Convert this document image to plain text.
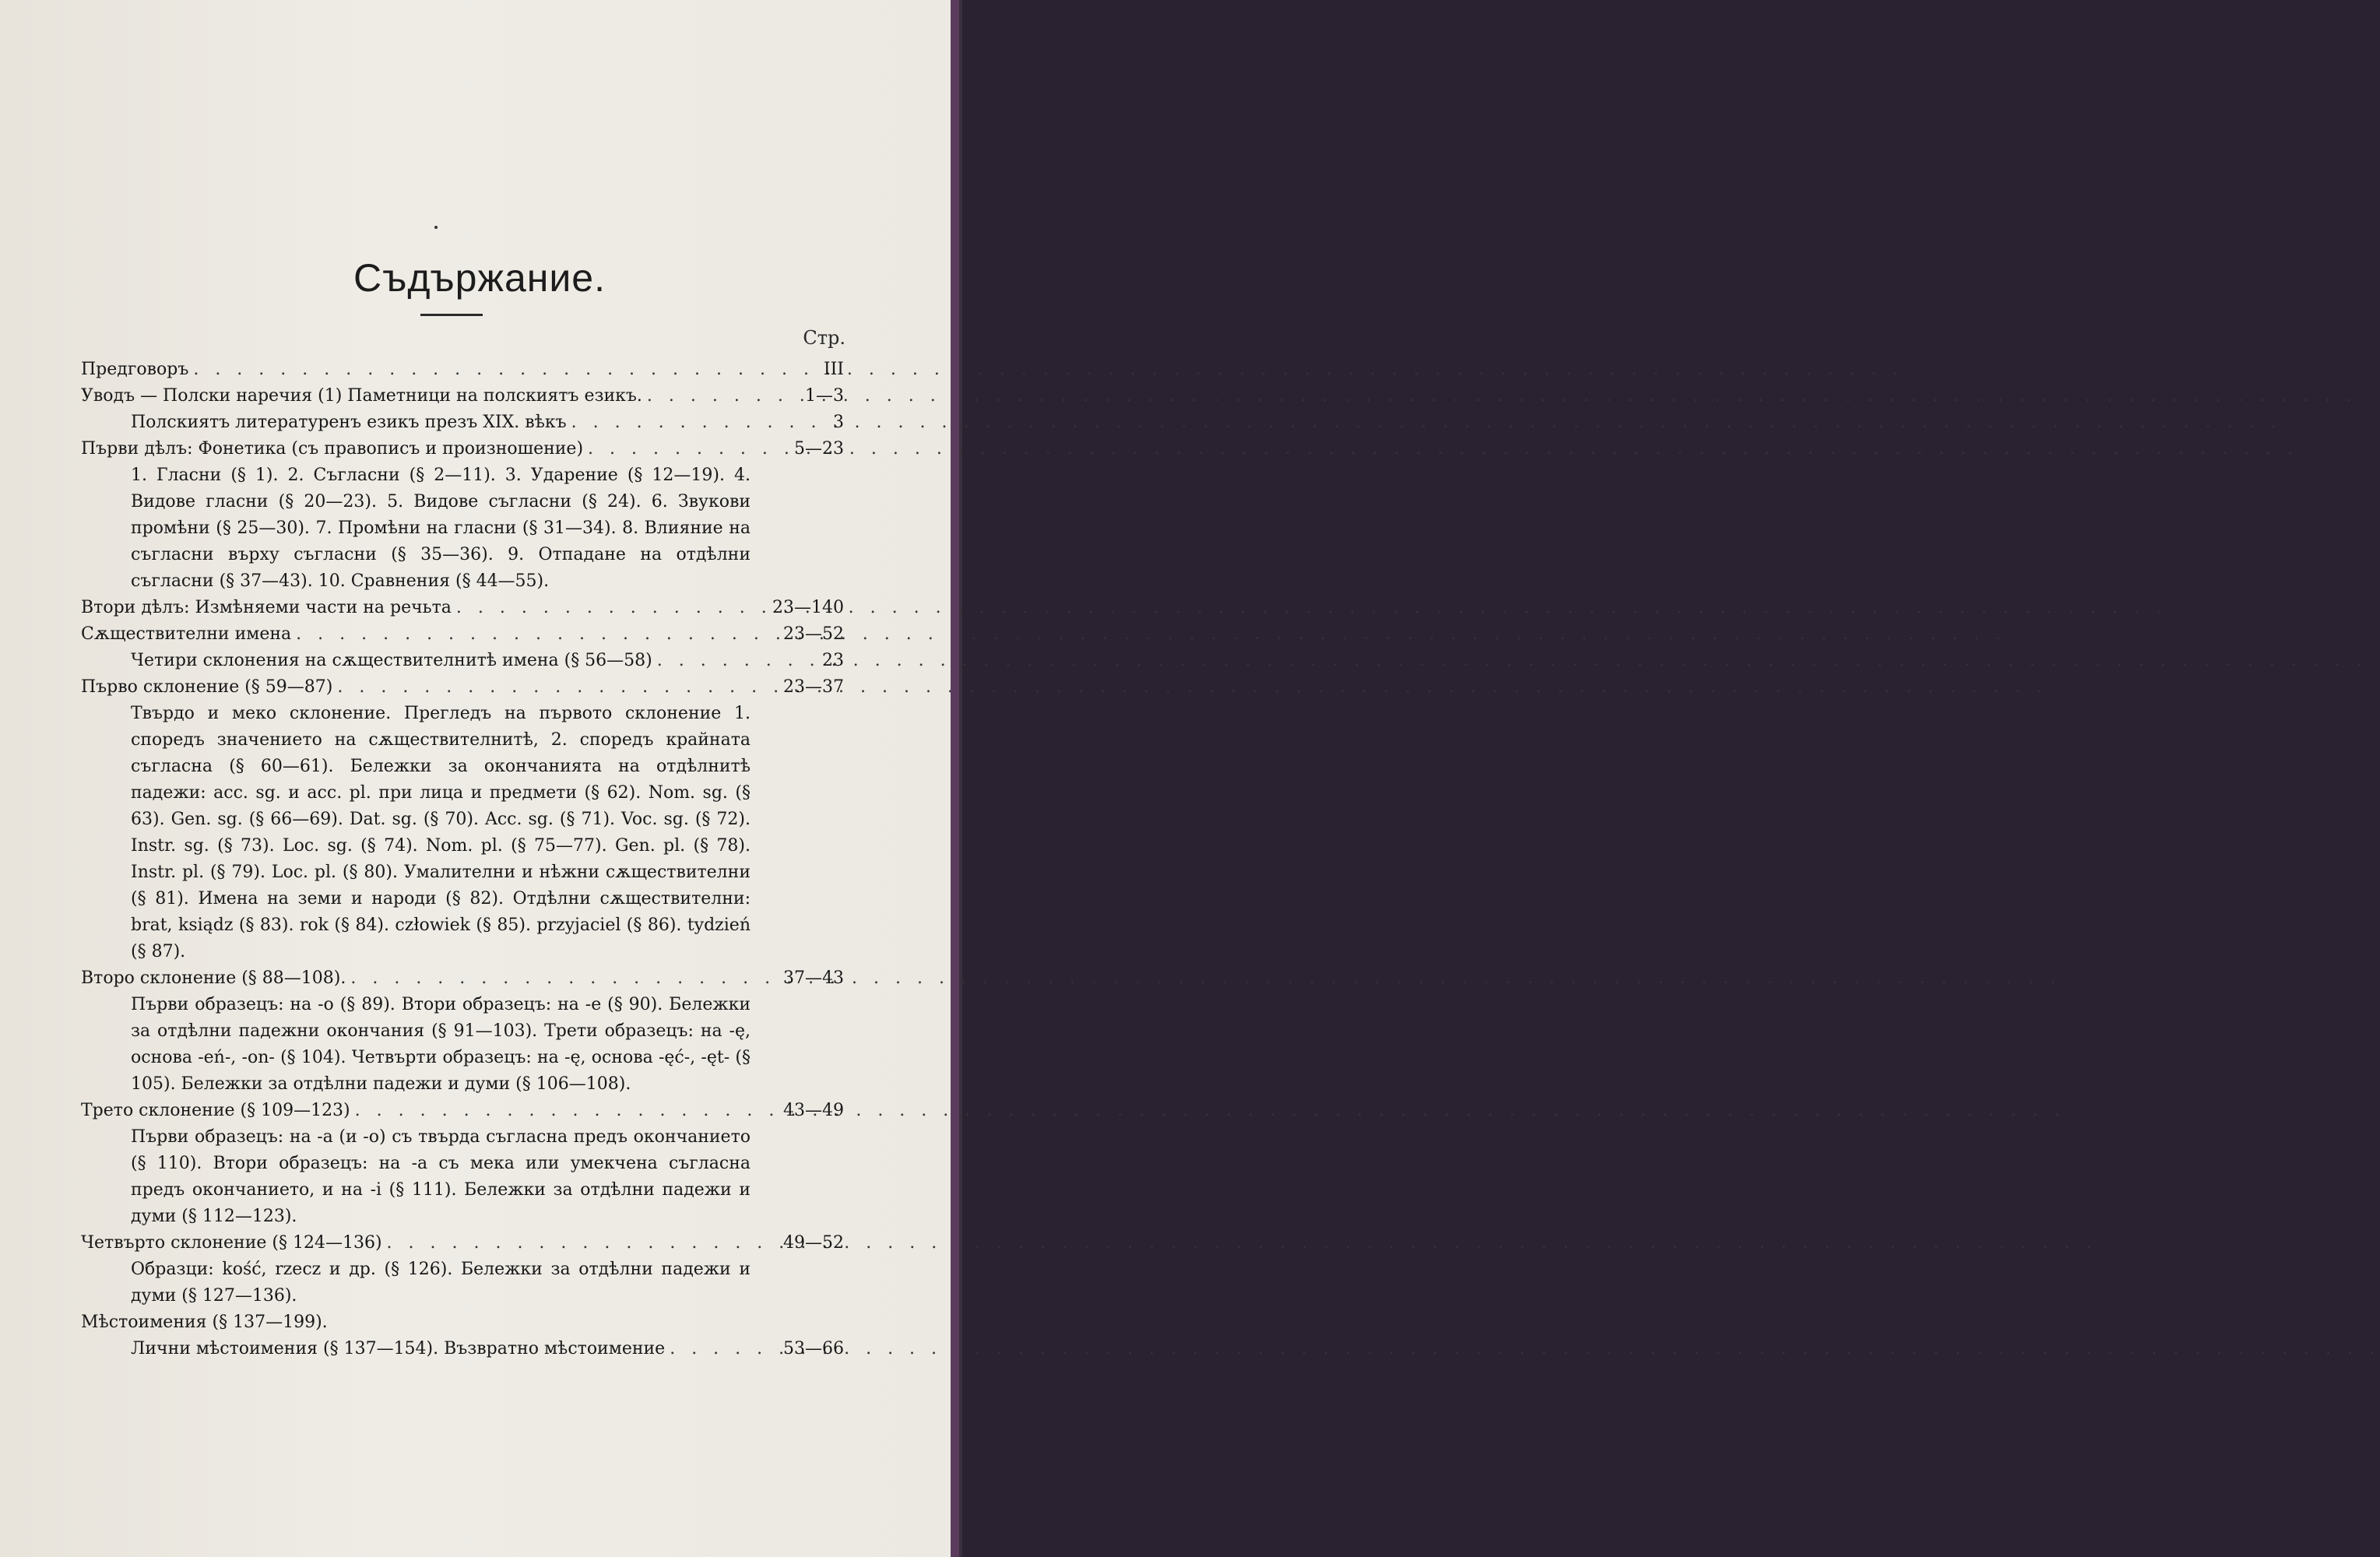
Съдържание.
Стр.
Предговоръ . . .	III
Уводъ — Полски наречия (1) Паметници на полскиятъ езикъ. . . .	1—3
Полскиятъ литературенъ езикъ презъ XIX. вѣкъ . . .	3
Първи дѣлъ: Фонетика (съ правописъ и произношение) . . .	5—23
1. Гласни (§ 1). 2. Съгласни (§ 2—11). 3. Ударение (§ 12—19). 4. Видове гласни (§ 20—23). 5. Видове съгласни (§ 24). 6. Звукови промѣни (§ 25—30). 7. Промѣни на гласни (§ 31—34). 8. Влияние на съгласни върху съгласни (§ 35—36). 9. Отпадане на отдѣлни съгласни (§ 37—43). 10. Сравнения (§ 44—55).
Втори дѣлъ: Измѣняеми части на речьта . . .	23—140
Сѫществителни имена . . .	23—52
Четири склонения на сѫществителнитѣ имена (§ 56—58) . . .	23
Първо склонение (§ 59—87) . . .	23—37
Твърдо и меко склонение. Прегледъ на първото склонение 1. споредъ значението на сѫществителнитѣ, 2. споредъ крайната съгласна (§ 60—61). Бележки за окончанията на отдѣлнитѣ падежи: acc. sg. и acc. pl. при лица и предмети (§ 62). Nom. sg. (§ 63). Gen. sg. (§ 66—69). Dat. sg. (§ 70). Acc. sg. (§ 71). Voc. sg. (§ 72). Instr. sg. (§ 73). Loc. sg. (§ 74). Nom. pl. (§ 75—77). Gen. pl. (§ 78). Instr. pl. (§ 79). Loc. pl. (§ 80). Умалителни и нѣжни сѫществителни (§ 81). Имена на земи и народи (§ 82). Отдѣлни сѫществителни: brat, ksiądz (§ 83). rok (§ 84). człowiek (§ 85). przyjaciel (§ 86). tydzień (§ 87).
Второ склонение (§ 88—108). . . .	37—43
Първи образецъ: на -o (§ 89). Втори образецъ: на -e (§ 90). Бележки за отдѣлни падежни окончания (§ 91—103). Трети образецъ: на -ę, основа -eń-, -on- (§ 104). Четвърти образецъ: на -ę, основа -ęć-, -ęt- (§ 105). Бележки за отдѣлни падежи и думи (§ 106—108).
Трето склонение (§ 109—123) . . .	43—49
Първи образецъ: на -a (и -o) съ твърда съгласна предъ окончанието (§ 110). Втори образецъ: на -a съ мека или умекчена съгласна предъ окончанието, и на -i (§ 111). Бележки за отдѣлни падежи и думи (§ 112—123).
Четвърто склонение (§ 124—136) . . .	49—52
Образци: kość, rzecz и др. (§ 126). Бележки за отдѣлни падежи и думи (§ 127—136).
Мѣстоимения (§ 137—199).
Лични мѣстоимения (§ 137—154). Възвратно мѣстоимение . . .	53—66
